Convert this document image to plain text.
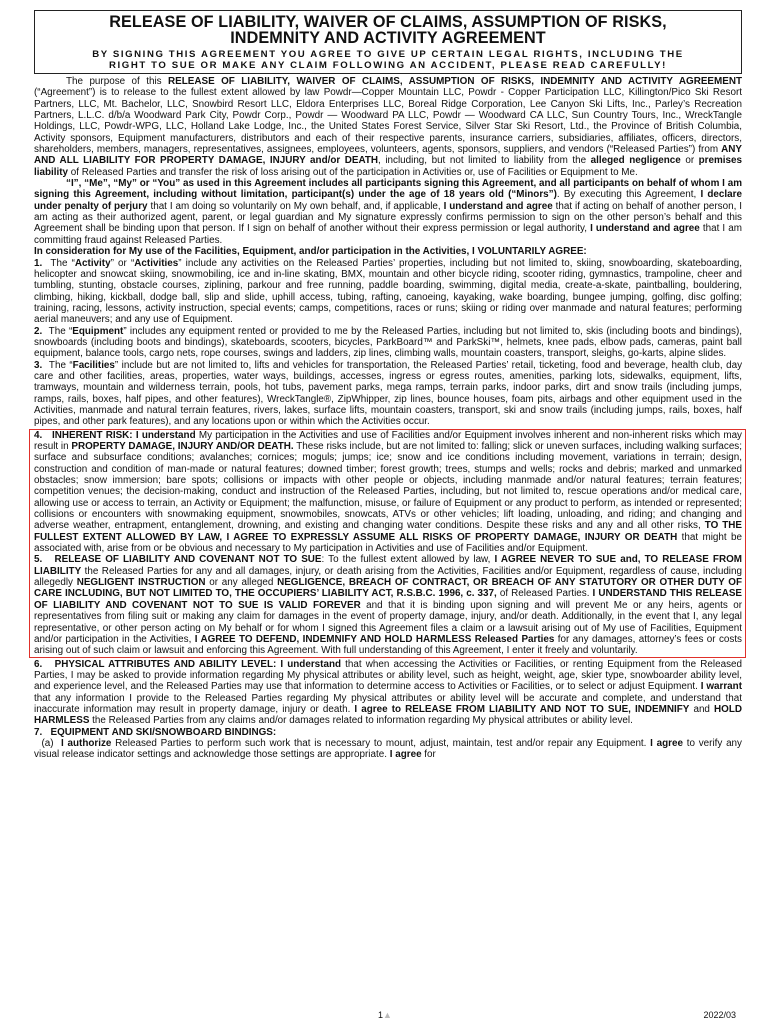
RELEASE OF LIABILITY, WAIVER OF CLAIMS, ASSUMPTION OF RISKS,
INDEMNITY AND ACTIVITY AGREEMENT
BY SIGNING THIS AGREEMENT YOU AGREE TO GIVE UP CERTAIN LEGAL RIGHTS, INCLUDING THE
RIGHT TO SUE OR MAKE ANY CLAIM FOLLOWING AN ACCIDENT, PLEASE READ CAREFULLY!

The purpose of this RELEASE OF LIABILITY, WAIVER OF CLAIMS, ASSUMPTION OF RISKS, INDEMNITY AND ACTIVITY AGREEMENT (“Agreement”) is to release to the fullest extent allowed by law Powdr—Copper Mountain LLC, Powdr - Copper Participation LLC, Killington/Pico Ski Resort Partners, LLC, Mt. Bachelor, LLC, Snowbird Resort LLC, Eldora Enterprises LLC, Boreal Ridge Corporation, Lee Canyon Ski Lifts, Inc., Parley’s Recreation Partners, L.L.C. d/b/a Woodward Park City, Powdr Corp., Powdr — Woodward PA LLC, Powdr — Woodward CA LLC, Sun Country Tours, Inc., WreckTangle Holdings, LLC, Powdr-WPG, LLC, Holland Lake Lodge, Inc., the United States Forest Service, Silver Star Ski Resort, Ltd., the Province of British Columbia, Activity sponsors, Equipment manufacturers, distributors and each of their respective parents, insurance carriers, subsidiaries, affiliates, officers, directors, shareholders, members, managers, representatives, assignees, employees, volunteers, agents, sponsors, suppliers, and vendors (“Released Parties”) from ANY AND ALL LIABILITY FOR PROPERTY DAMAGE, INJURY and/or DEATH, including, but not limited to liability from the alleged negligence or premises liability of Released Parties and transfer the risk of loss arising out of the participation in Activities or, use of Facilities or Equipment to Me.

“I”, “Me”, “My” or “You” as used in this Agreement includes all participants signing this Agreement, and all participants on behalf of whom I am signing this Agreement, including without limitation, participant(s) under the age of 18 years old (“Minors”). By executing this Agreement, I declare under penalty of perjury that I am doing so voluntarily on My own behalf, and, if applicable, I understand and agree that if acting on behalf of another person, I am acting as their authorized agent, parent, or legal guardian and My signature expressly confirms permission to sign on the other person’s behalf and this Agreement shall be binding upon that person. If I sign on behalf of another without their express permission or legal authority, I understand and agree that I am committing fraud against Released Parties.

In consideration for My use of the Facilities, Equipment, and/or participation in the Activities, I VOLUNTARILY AGREE:

1. The “Activity” or “Activities” include any activities on the Released Parties’ properties, including but not limited to, skiing, snowboarding, skateboarding, helicopter and snowcat skiing, snowmobiling, ice and in-line skating, BMX, mountain and other bicycle riding, scooter riding, gymnastics, trampoline, cheer and tumbling, stunting, obstacle courses, ziplining, parkour and free running, paddle boarding, swimming, digital media, create-a-skate, paintballing, bouldering, climbing, hiking, kickball, dodge ball, slip and slide, uphill access, tubing, rafting, canoeing, kayaking, wake boarding, bungee jumping, golfing, disc golfing; training, racing, lessons, activity instruction, special events; camps, competitions, races or runs; skiing or riding over manmade and natural features; performing aerial maneuvers; and any use of Equipment.

2. The “Equipment” includes any equipment rented or provided to me by the Released Parties, including but not limited to, skis (including boots and bindings), snowboards (including boots and bindings), skateboards, scooters, bicycles, ParkBoard™ and ParkSki™, helmets, knee pads, elbow pads, cameras, paint ball equipment, balance tools, cargo nets, rope courses, swings and ladders, zip lines, climbing walls, mountain coasters, transport, sleighs, go-karts, alpine slides.

3. The “Facilities” include but are not limited to, lifts and vehicles for transportation, the Released Parties’ retail, ticketing, food and beverage, health club, day care and other facilities, areas, properties, water ways, buildings, accesses, ingress or egress routes, amenities, parking lots, sidewalks, equipment, lifts, tramways, mountain and wilderness terrain, pools, hot tubs, pavement parks, mega ramps, terrain parks, indoor parks, dirt and snow trails (including jumps, ramps, rails, boxes, half pipes, and other features), WreckTangle®, ZipWhipper, zip lines, bounce houses, foam pits, airbags and other equipment used in the Activities, manmade and natural terrain features, rivers, lakes, surface lifts, mountain coasters, transport, ski and snow trails (including jumps, rails, boxes, half pipes, and other park features), and any locations upon or within which the Activities occur.

4. INHERENT RISK: I understand My participation in the Activities and use of Facilities and/or Equipment involves inherent and non-inherent risks which may result in PROPERTY DAMAGE, INJURY AND/OR DEATH. These risks include, but are not limited to: falling; slick or uneven surfaces, including walking surfaces; surface and subsurface conditions; avalanches; cornices; moguls; jumps; ice; snow and ice conditions including movement, variations in terrain; design, construction and condition of man-made or natural features; downed timber; forest growth; trees, stumps and wells; rocks and debris; marked and unmarked obstacles; snow immersion; bare spots; collisions or impacts with other people or objects, including manmade and/or natural features; terrain features; competition venues; the decision-making, conduct and instruction of the Released Parties, including, but not limited to, rescue operations and/or medical care, allowing use or access to terrain, an Activity or Equipment; the malfunction, misuse, or failure of Equipment or any product to perform, as intended or represented; collisions or encounters with snowmaking equipment, snowmobiles, snowcats, ATVs or other vehicles; lift loading, unloading, and riding; and changing and adverse weather, entrapment, entanglement, drowning, and existing and changing water conditions. Despite these risks and any and all other risks, TO THE FULLEST EXTENT ALLOWED BY LAW, I AGREE TO EXPRESSLY ASSUME ALL RISKS OF PROPERTY DAMAGE, INJURY OR DEATH that might be associated with, arise from or be obvious and necessary to My participation in Activities and use of Facilities and/or Equipment.

5. RELEASE OF LIABILITY AND COVENANT NOT TO SUE: To the fullest extent allowed by law, I AGREE NEVER TO SUE and, TO RELEASE FROM LIABILITY the Released Parties for any and all damages, injury, or death arising from the Activities, Facilities and/or Equipment, regardless of cause, including allegedly NEGLIGENT INSTRUCTION or any alleged NEGLIGENCE, BREACH OF CONTRACT, OR BREACH OF ANY STATUTORY OR OTHER DUTY OF CARE INCLUDING, BUT NOT LIMITED TO, THE OCCUPIERS’ LIABILITY ACT, R.S.B.C. 1996, c. 337, of Released Parties. I UNDERSTAND THIS RELEASE OF LIABILITY AND COVENANT NOT TO SUE IS VALID FOREVER and that it is binding upon signing and will prevent Me or any heirs, agents or representatives from filing suit or making any claim for damages in the event of property damage, injury, and/or death. Additionally, in the event that I, any legal representative, or other person acting on My behalf or for whom I signed this Agreement files a claim or a lawsuit arising out of My use of Facilities, Equipment and/or participation in the Activities, I AGREE TO DEFEND, INDEMNIFY AND HOLD HARMLESS Released Parties for any damages, attorney’s fees or costs arising out of such claim or lawsuit and enforcing this Agreement. With full understanding of this Agreement, I enter it freely and voluntarily.

6. PHYSICAL ATTRIBUTES AND ABILITY LEVEL: I understand that when accessing the Activities or Facilities, or renting Equipment from the Released Parties, I may be asked to provide information regarding My physical attributes or ability level, such as height, weight, age, skier type, snowboarder ability level, and experience level, and the Released Parties may use that information to determine access to Activities or Facilities, or to select or adjust Equipment. I warrant that any information I provide to the Released Parties regarding My physical attributes or ability level will be accurate and complete, and understand that inaccurate information may result in property damage, injury or death. I agree to RELEASE FROM LIABILITY AND NOT TO SUE, INDEMNIFY and HOLD HARMLESS the Released Parties from any claims and/or damages related to information regarding My physical attributes or ability level.

7. EQUIPMENT AND SKI/SNOWBOARD BINDINGS:

(a) I authorize Released Parties to perform such work that is necessary to mount, adjust, maintain, test and/or repair any Equipment. I agree to verify any visual release indicator settings and acknowledge those settings are appropriate. I agree for

1▲	2022/03
